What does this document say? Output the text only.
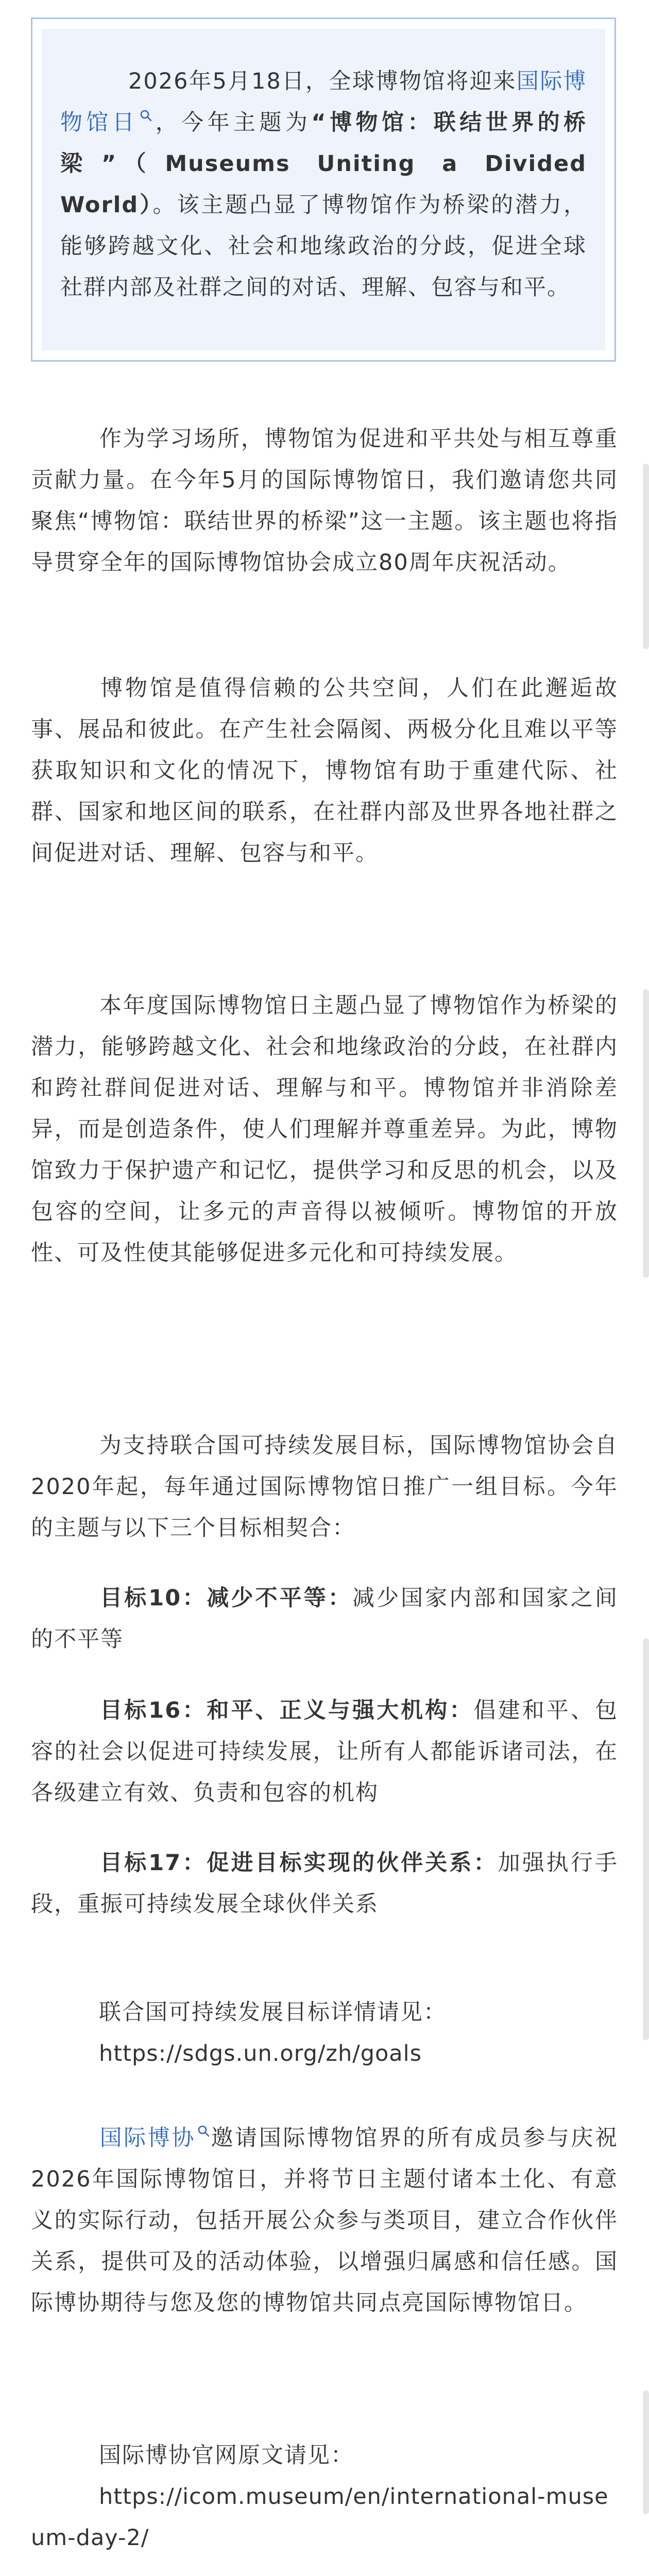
2026年5月18日，全球博物馆将迎来国际博物馆日 ，今年主题为“博物馆：联结世界的桥梁”（Museums Uniting a Divided World）。该主题凸显了博物馆作为桥梁的潜力，能够跨越文化、社会和地缘政治的分歧，促进全球社群内部及社群之间的对话、理解、包容与和平。

作为学习场所，博物馆为促进和平共处与相互尊重贡献力量。在今年5月的国际博物馆日，我们邀请您共同聚焦“博物馆：联结世界的桥梁”这一主题。该主题也将指导贯穿全年的国际博物馆协会成立80周年庆祝活动。

博物馆是值得信赖的公共空间，人们在此邂逅故事、展品和彼此。在产生社会隔阂、两极分化且难以平等获取知识和文化的情况下，博物馆有助于重建代际、社群、国家和地区间的联系，在社群内部及世界各地社群之间促进对话、理解、包容与和平。

本年度国际博物馆日主题凸显了博物馆作为桥梁的潜力，能够跨越文化、社会和地缘政治的分歧，在社群内和跨社群间促进对话、理解与和平。博物馆并非消除差异，而是创造条件，使人们理解并尊重差异。为此，博物馆致力于保护遗产和记忆，提供学习和反思的机会，以及包容的空间，让多元的声音得以被倾听。博物馆的开放性、可及性使其能够促进多元化和可持续发展。

为支持联合国可持续发展目标，国际博物馆协会自2020年起，每年通过国际博物馆日推广一组目标。今年的主题与以下三个目标相契合：

目标10：减少不平等：减少国家内部和国家之间的不平等

目标16：和平、正义与强大机构：倡建和平、包容的社会以促进可持续发展，让所有人都能诉诸司法，在各级建立有效、负责和包容的机构

目标17：促进目标实现的伙伴关系：加强执行手段，重振可持续发展全球伙伴关系

联合国可持续发展目标详情请见：
https://sdgs.un.org/zh/goals

国际博协 邀请国际博物馆界的所有成员参与庆祝2026年国际博物馆日，并将节日主题付诸本土化、有意义的实际行动，包括开展公众参与类项目，建立合作伙伴关系，提供可及的活动体验，以增强归属感和信任感。国际博协期待与您及您的博物馆共同点亮国际博物馆日。

国际博协官网原文请见：
https://icom.museum/en/international-museum-day-2/
